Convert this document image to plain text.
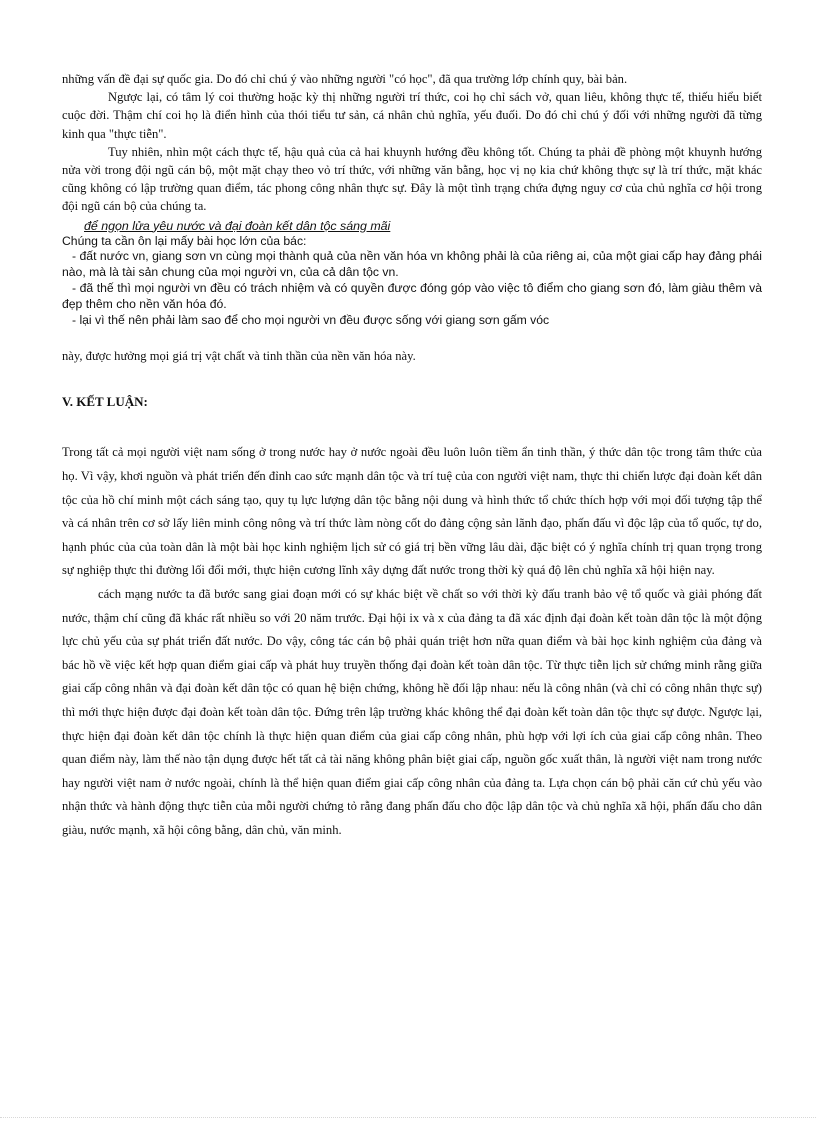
những vấn đề đại sự quốc gia. Do đó chỉ chú ý vào những người "có học", đã qua trường lớp chính quy, bài bản.

Ngược lại, có tâm lý coi thường hoặc kỳ thị những người trí thức, coi họ chỉ sách vở, quan liêu, không thực tế, thiếu hiểu biết cuộc đời. Thậm chí coi họ là điển hình của thói tiểu tư sản, cá nhân chủ nghĩa, yếu đuối. Do đó chỉ chú ý đối với những người đã từng kinh qua "thực tiễn".

Tuy nhiên, nhìn một cách thực tế, hậu quả của cả hai khuynh hướng đều không tốt. Chúng ta phải đề phòng một khuynh hướng nửa vời trong đội ngũ cán bộ, một mặt chạy theo vỏ trí thức, với những văn bằng, học vị nọ kia chứ không thực sự là trí thức, mặt khác cũng không có lập trường quan điểm, tác phong công nhân thực sự. Đây là một tình trạng chứa đựng nguy cơ của chủ nghĩa cơ hội trong đội ngũ cán bộ của chúng ta.

để ngọn lửa yêu nước và đại đoàn kết dân tộc sáng mãi

Chúng ta cần ôn lại mấy bài học lớn của bác:

- đất nước vn, giang sơn vn cùng mọi thành quả của nền văn hóa vn không phải là của riêng ai, của một giai cấp hay đảng phái nào, mà là tài sản chung của mọi người vn, của cả dân tộc vn.

- đã thế thì mọi người vn đều có trách nhiệm và có quyền được đóng góp vào việc tô điểm cho giang sơn đó, làm giàu thêm và đẹp thêm cho nền văn hóa đó.

- lại vì thế nên phải làm sao để cho mọi người vn đều được sống với giang sơn gấm vóc

này, được hưởng mọi giá trị vật chất và tinh thần của nền văn hóa này.

V. KẾT LUẬN:

Trong tất cả mọi người việt nam sống ở trong nước hay ở nước ngoài đều luôn luôn tiềm ẩn tinh thần, ý thức dân tộc trong tâm thức của họ. Vì vậy, khơi nguồn và phát triển đến đỉnh cao sức mạnh dân tộc và trí tuệ của con người việt nam, thực thi chiến lược đại đoàn kết dân tộc của hồ chí minh một cách sáng tạo, quy tụ lực lượng dân tộc bằng nội dung và hình thức tổ chức thích hợp với mọi đối tượng tập thể và cá nhân trên cơ sở lấy liên minh công nông và trí thức làm nòng cốt do đảng cộng sản lãnh đạo, phấn đấu vì độc lập của tổ quốc, tự do, hạnh phúc của của toàn dân là một bài học kinh nghiệm lịch sử có giá trị bền vững lâu dài, đặc biệt có ý nghĩa chính trị quan trọng trong sự nghiệp thực thi đường lối đổi mới, thực hiện cương lĩnh xây dựng đất nước trong thời kỳ quá độ lên chủ nghĩa xã hội hiện nay.

cách mạng nước ta đã bước sang giai đoạn mới có sự khác biệt về chất so với thời kỳ đấu tranh bảo vệ tổ quốc và giải phóng đất nước, thậm chí cũng đã khác rất nhiều so với 20 năm trước. Đại hội ix và x của đảng ta đã xác định đại đoàn kết toàn dân tộc là một động lực chủ yếu của sự phát triển đất nước. Do vậy, công tác cán bộ phải quán triệt hơn nữa quan điểm và bài học kinh nghiệm của đảng và bác hồ về việc kết hợp quan điểm giai cấp và phát huy truyền thống đại đoàn kết toàn dân tộc. Từ thực tiễn lịch sử chứng minh rằng giữa giai cấp công nhân và đại đoàn kết dân tộc có quan hệ biện chứng, không hề đối lập nhau: nếu là công nhân (và chỉ có công nhân thực sự) thì mới thực hiện được đại đoàn kết toàn dân tộc. Đứng trên lập trường khác không thể đại đoàn kết toàn dân tộc thực sự được. Ngược lại, thực hiện đại đoàn kết dân tộc chính là thực hiện quan điểm của giai cấp công nhân, phù hợp với lợi ích của giai cấp công nhân. Theo quan điểm này, làm thế nào tận dụng được hết tất cả tài năng không phân biệt giai cấp, nguồn gốc xuất thân, là người việt nam trong nước hay người việt nam ở nước ngoài, chính là thể hiện quan điểm giai cấp công nhân của đảng ta. Lựa chọn cán bộ phải căn cứ chủ yếu vào nhận thức và hành động thực tiễn của mỗi người chứng tỏ rằng đang phấn đấu cho độc lập dân tộc và chủ nghĩa xã hội, phấn đấu cho dân giàu, nước mạnh, xã hội công bằng, dân chủ, văn minh.
